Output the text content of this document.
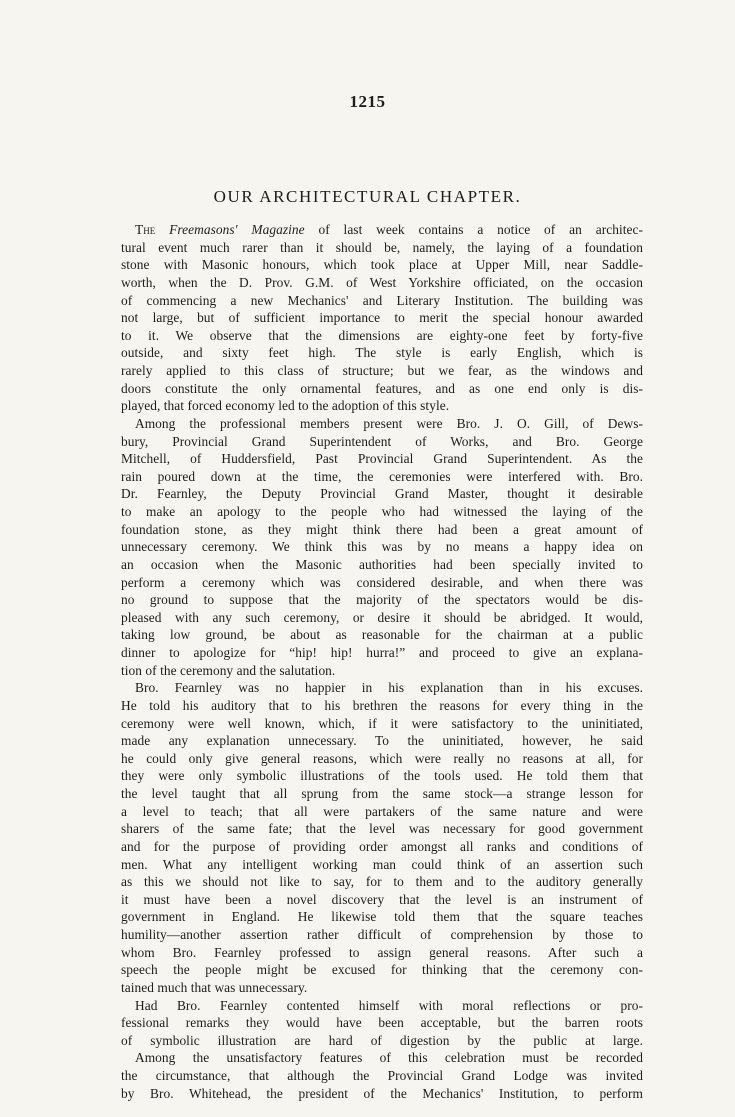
1215
OUR ARCHITECTURAL CHAPTER.
The Freemasons' Magazine of last week contains a notice of an architec-
tural event much rarer than it should be, namely, the laying of a foundation
stone with Masonic honours, which took place at Upper Mill, near Saddle-
worth, when the D. Prov. G.M. of West Yorkshire officiated, on the occasion
of commencing a new Mechanics' and Literary Institution. The building was
not large, but of sufficient importance to merit the special honour awarded
to it. We observe that the dimensions are eighty-one feet by forty-five
outside, and sixty feet high. The style is early English, which is
rarely applied to this class of structure; but we fear, as the windows and
doors constitute the only ornamental features, and as one end only is dis-
played, that forced economy led to the adoption of this style.
Among the professional members present were Bro. J. O. Gill, of Dews-
bury, Provincial Grand Superintendent of Works, and Bro. George
Mitchell, of Huddersfield, Past Provincial Grand Superintendent. As the
rain poured down at the time, the ceremonies were interfered with. Bro.
Dr. Fearnley, the Deputy Provincial Grand Master, thought it desirable
to make an apology to the people who had witnessed the laying of the
foundation stone, as they might think there had been a great amount of
unnecessary ceremony. We think this was by no means a happy idea on
an occasion when the Masonic authorities had been specially invited to
perform a ceremony which was considered desirable, and when there was
no ground to suppose that the majority of the spectators would be dis-
pleased with any such ceremony, or desire it should be abridged. It would,
taking low ground, be about as reasonable for the chairman at a public
dinner to apologize for “hip! hip! hurra!” and proceed to give an explana-
tion of the ceremony and the salutation.
Bro. Fearnley was no happier in his explanation than in his excuses.
He told his auditory that to his brethren the reasons for every thing in the
ceremony were well known, which, if it were satisfactory to the uninitiated,
made any explanation unnecessary. To the uninitiated, however, he said
he could only give general reasons, which were really no reasons at all, for
they were only symbolic illustrations of the tools used. He told them that
the level taught that all sprung from the same stock—a strange lesson for
a level to teach; that all were partakers of the same nature and were
sharers of the same fate; that the level was necessary for good government
and for the purpose of providing order amongst all ranks and conditions of
men. What any intelligent working man could think of an assertion such
as this we should not like to say, for to them and to the auditory generally
it must have been a novel discovery that the level is an instrument of
government in England. He likewise told them that the square teaches
humility—another assertion rather difficult of comprehension by those to
whom Bro. Fearnley professed to assign general reasons. After such a
speech the people might be excused for thinking that the ceremony con-
tained much that was unnecessary.
Had Bro. Fearnley contented himself with moral reflections or pro-
fessional remarks they would have been acceptable, but the barren roots
of symbolic illustration are hard of digestion by the public at large.
Among the unsatisfactory features of this celebration must be recorded
the circumstance, that although the Provincial Grand Lodge was invited
by Bro. Whitehead, the president of the Mechanics' Institution, to perform
